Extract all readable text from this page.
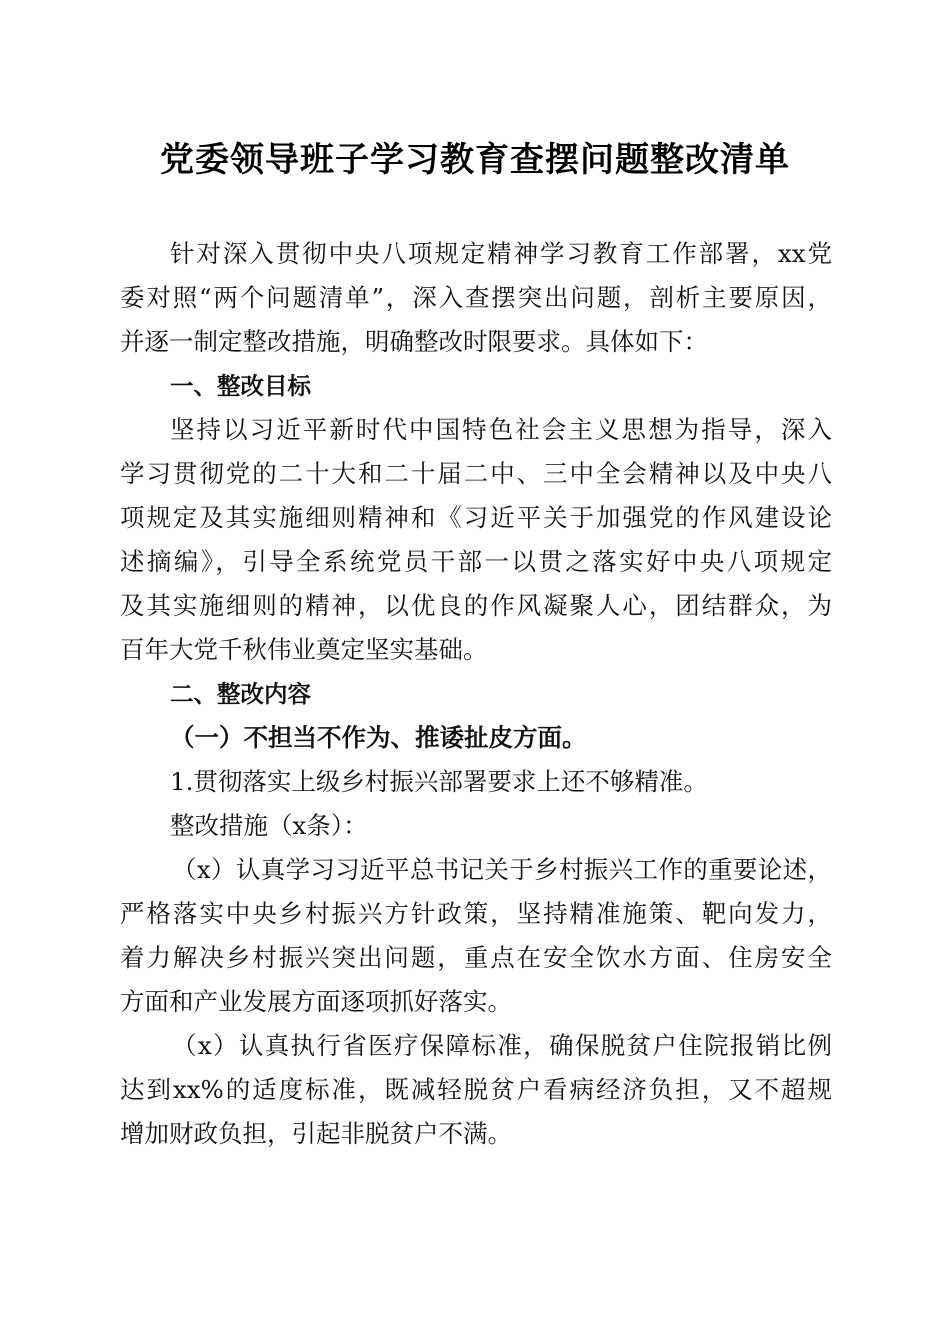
党委领导班子学习教育查摆问题整改清单
针对深入贯彻中央八项规定精神学习教育工作部署，xx党
委对照“两个问题清单”，深入查摆突出问题，剖析主要原因，
并逐一制定整改措施，明确整改时限要求。具体如下：
一、整改目标
坚持以习近平新时代中国特色社会主义思想为指导，深入
学习贯彻党的二十大和二十届二中、三中全会精神以及中央八
项规定及其实施细则精神和《习近平关于加强党的作风建设论
述摘编》，引导全系统党员干部一以贯之落实好中央八项规定
及其实施细则的精神，以优良的作风凝聚人心，团结群众，为
百年大党千秋伟业奠定坚实基础。
二、整改内容
（一）不担当不作为、推诿扯皮方面。
1.贯彻落实上级乡村振兴部署要求上还不够精准。
整改措施（x条）：
（x）认真学习习近平总书记关于乡村振兴工作的重要论述，
严格落实中央乡村振兴方针政策，坚持精准施策、靶向发力，
着力解决乡村振兴突出问题，重点在安全饮水方面、住房安全
方面和产业发展方面逐项抓好落实。
（x）认真执行省医疗保障标准，确保脱贫户住院报销比例
达到xx%的适度标准，既减轻脱贫户看病经济负担，又不超规
增加财政负担，引起非脱贫户不满。
